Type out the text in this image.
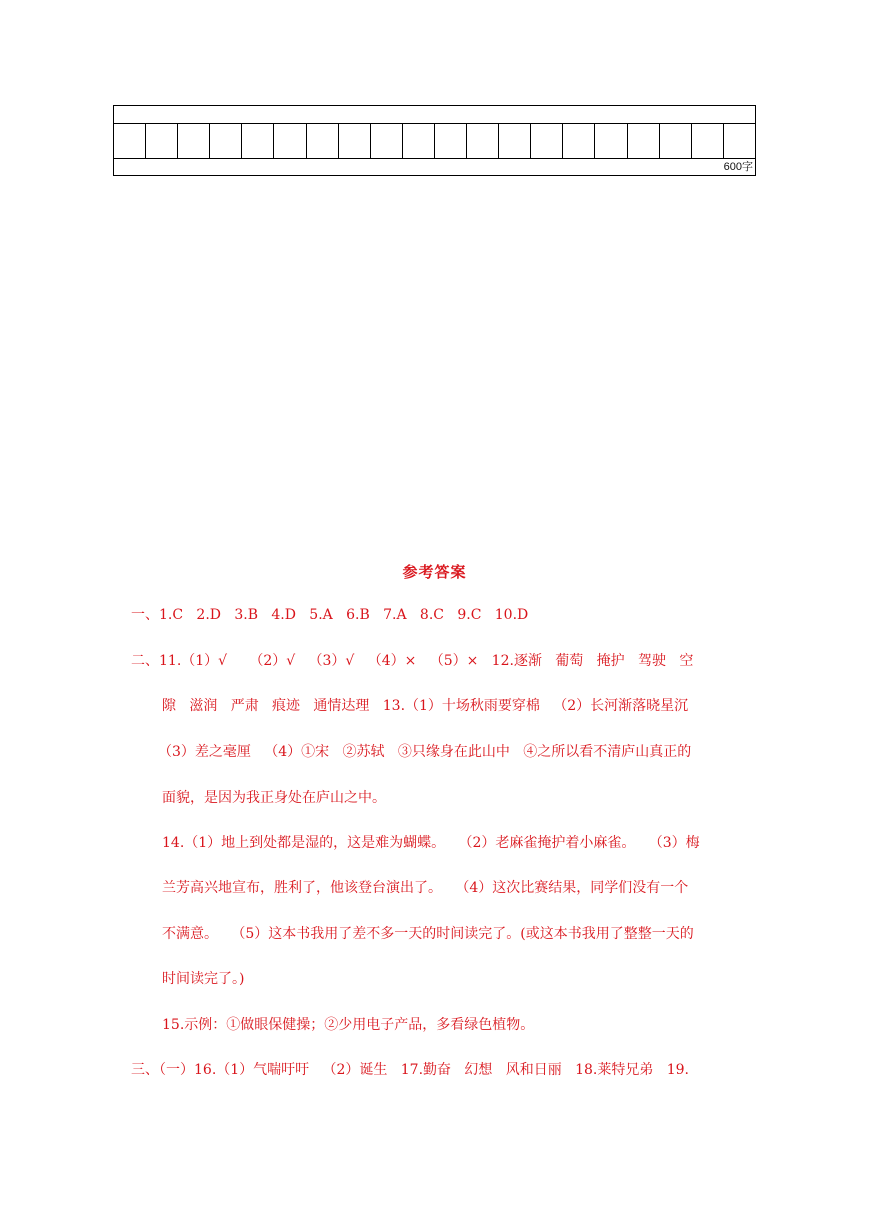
600字
参考答案
一、1.C   2.D   3.B   4.D   5.A   6.B   7.A   8.C   9.C   10.D
二、11.（1）√     （2）√   （3）√   （4）×   （5）×   12.逐渐   葡萄   掩护   驾驶   空
隙   滋润   严肃   痕迹   通情达理   13.（1）十场秋雨要穿棉   （2）长河渐落晓星沉
（3）差之毫厘   （4）①宋   ②苏轼   ③只缘身在此山中   ④之所以看不清庐山真正的
面貌，是因为我正身处在庐山之中。
14.（1）地上到处都是湿的，这是难为蝴蝶。   （2）老麻雀掩护着小麻雀。   （3）梅
兰芳高兴地宣布，胜利了，他该登台演出了。   （4）这次比赛结果，同学们没有一个
不满意。   （5）这本书我用了差不多一天的时间读完了。(或这本书我用了整整一天的
时间读完了。)
15.示例：①做眼保健操；②少用电子产品，多看绿色植物。
三、（一）16.（1）气喘吁吁   （2）诞生   17.勤奋   幻想   风和日丽   18.莱特兄弟   19.
